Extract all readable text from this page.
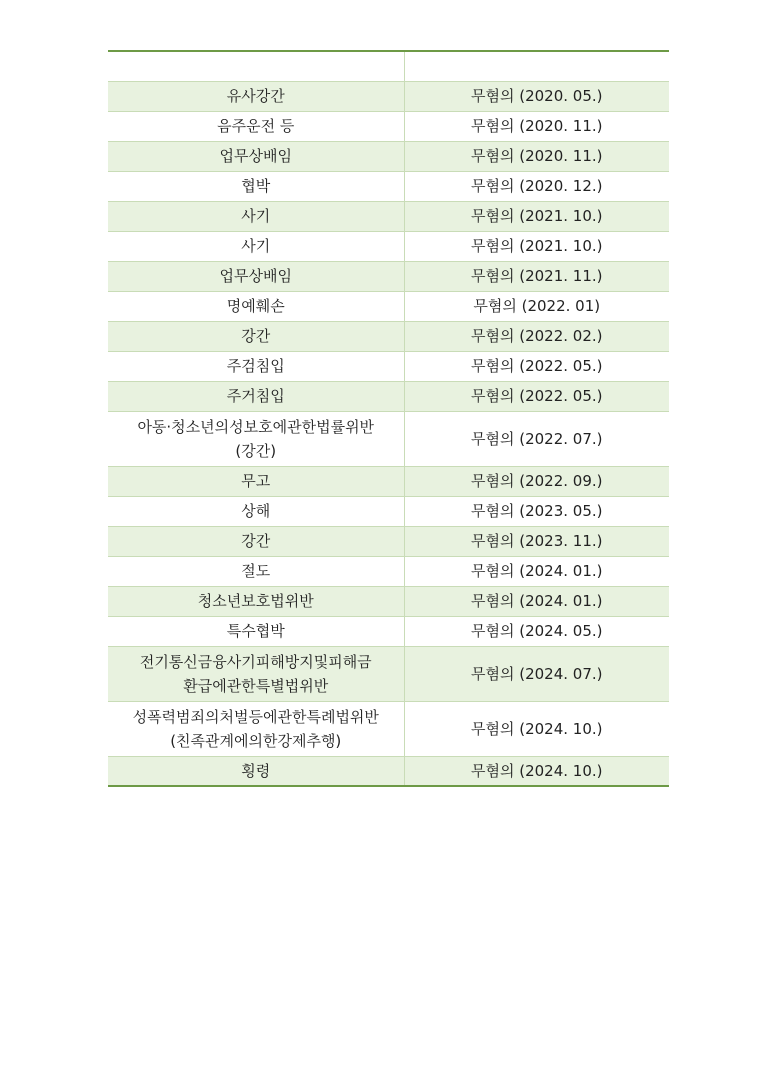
유사강간	무혐의 (2020. 05.)
음주운전 등	무혐의 (2020. 11.)
업무상배임	무혐의 (2020. 11.)
협박	무혐의 (2020. 12.)
사기	무혐의 (2021. 10.)
사기	무혐의 (2021. 10.)
업무상배임	무혐의 (2021. 11.)
명예훼손	무혐의 (2022. 01)
강간	무혐의 (2022. 02.)
주검침입	무혐의 (2022. 05.)
주거침입	무혐의 (2022. 05.)

아동·청소년의성보호에관한법률위반
(강간)	무혐의 (2022. 07.)
무고	무혐의 (2022. 09.)
상해	무혐의 (2023. 05.)
강간	무혐의 (2023. 11.)
절도	무혐의 (2024. 01.)
청소년보호법위반	무혐의 (2024. 01.)
특수협박	무혐의 (2024. 05.)

전기통신금융사기피해방지및피해금
환급에관한특별법위반	무혐의 (2024. 07.)

성폭력범죄의처벌등에관한특례법위반
(친족관계에의한강제추행)	무혐의 (2024. 10.)
횡령	무혐의 (2024. 10.)
